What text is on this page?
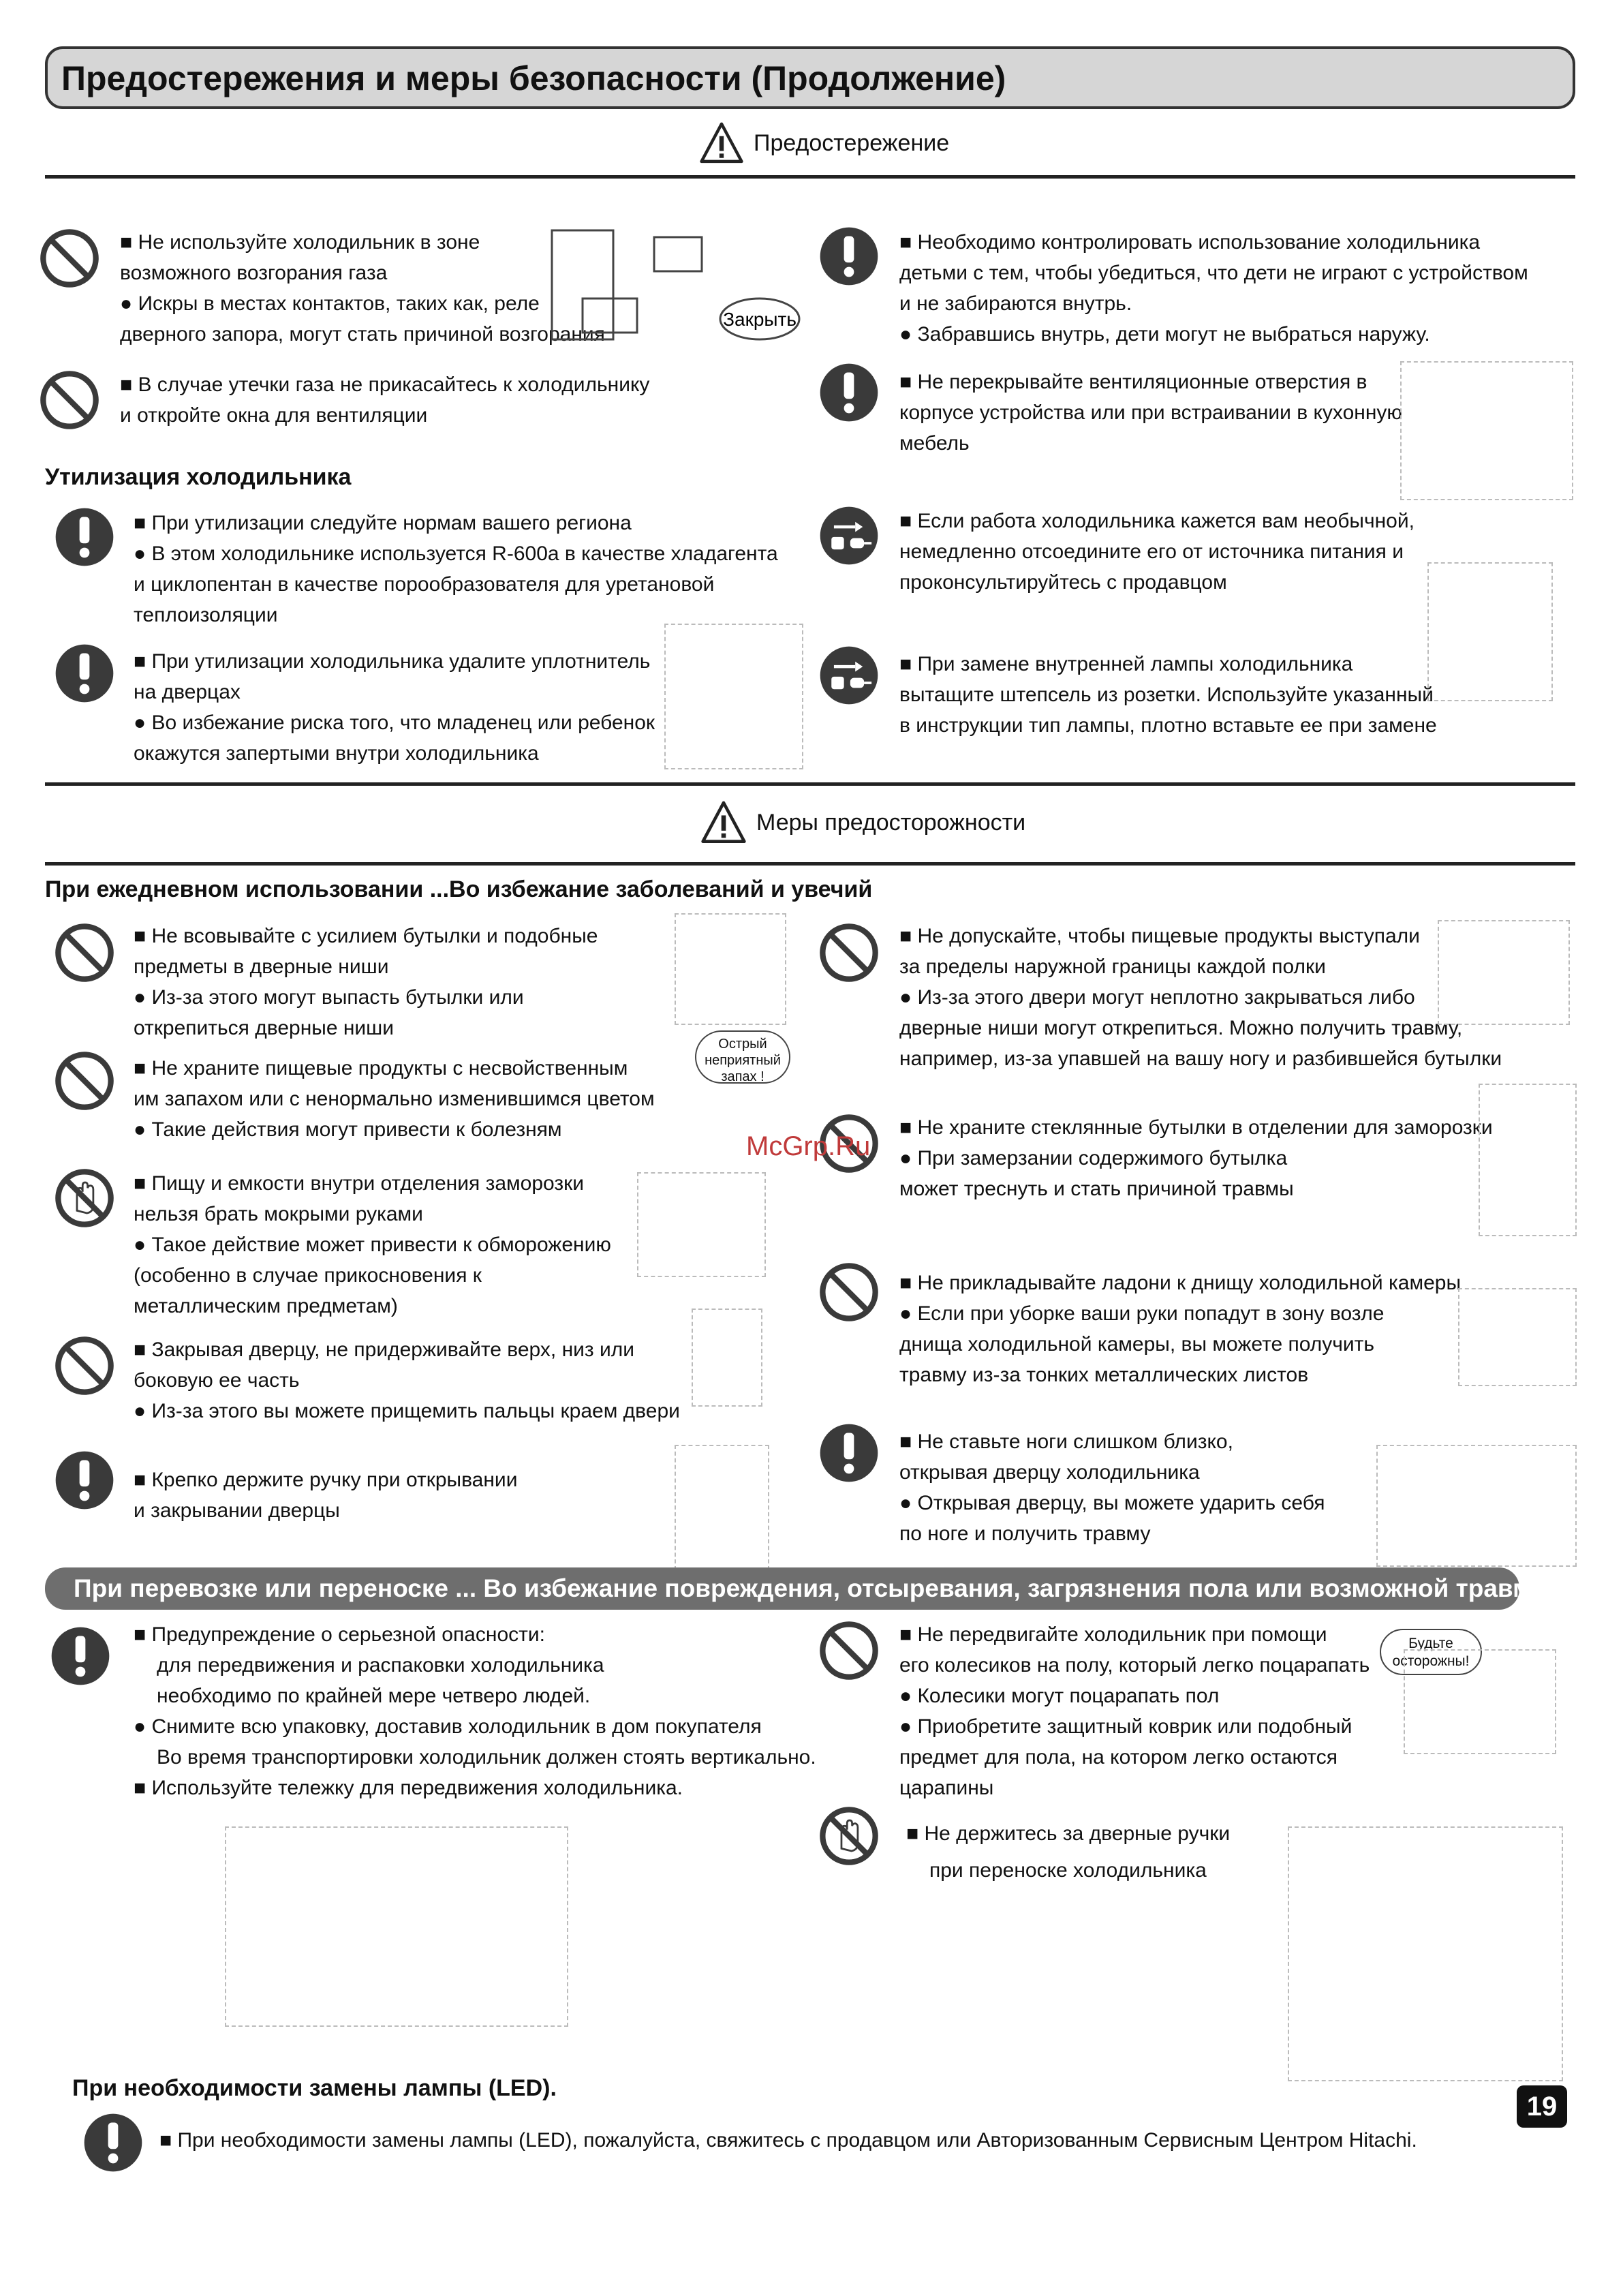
Предостережения и меры безопасности (Продолжение)
Предостережение
■ Не используйте холодильник в зоне
возможного возгорания газа
● Искры в местах контактов, таких как, реле
дверного запора, могут стать причиной возгорания
Закрыть
■ В случае утечки газа не прикасайтесь к холодильнику
и откройте окна для вентиляции
Утилизация холодильника
■ При утилизации следуйте нормам вашего региона
● В этом холодильнике используется R-600a в качестве хладагента
и циклопентан в качестве порообразователя для уретановой
теплоизоляции
■ При утилизации холодильника удалите уплотнитель
на дверцах
● Во избежание риска того, что младенец или ребенок
окажутся запертыми внутри холодильника
■ Необходимо контролировать использование холодильника
детьми с тем, чтобы убедиться, что дети не играют с устройством
и не забираются внутрь.
● Забравшись внутрь, дети могут не выбраться наружу.
■ Не перекрывайте вентиляционные отверстия в
корпусе устройства или при встраивании в кухонную
мебель
■ Если работа холодильника кажется вам необычной,
немедленно отсоедините его от источника питания и
проконсультируйтесь с продавцом
■ При замене внутренней лампы холодильника
вытащите штепсель из розетки. Используйте указанный
в инструкции тип лампы, плотно вставьте ее при замене
Меры предосторожности
При ежедневном использовании ...Во избежание заболеваний и увечий
■ Не всовывайте с усилием бутылки и подобные
предметы в дверные ниши
● Из-за этого могут выпасть бутылки или
открепиться дверные ниши
■ Не храните пищевые продукты с несвойственным
им запахом или с ненормально изменившимся цветом
● Такие действия могут привести к болезням
Острый
неприятный
запах !
■ Пищу и емкости внутри отделения заморозки
нельзя брать мокрыми руками
● Такое действие может привести к обморожению
(особенно в случае прикосновения к
металлическим предметам)
■ Закрывая дверцу, не придерживайте верх, низ или
боковую ее часть
● Из-за этого вы можете прищемить пальцы краем двери
■ Крепко держите ручку при открывании
и закрывании дверцы
■ Не допускайте, чтобы пищевые продукты выступали
за пределы наружной границы каждой полки
● Из-за этого двери могут неплотно закрываться либо
дверные ниши могут открепиться. Можно получить травму,
например, из-за упавшей на вашу ногу и разбившейся бутылки
■ Не храните стеклянные бутылки в отделении для заморозки
● При замерзании содержимого бутылка
может треснуть и стать причиной травмы
McGrp.Ru
■ Не прикладывайте ладони к днищу холодильной камеры
● Если при уборке ваши руки попадут в зону возле
днища холодильной камеры, вы можете получить
травму из-за тонких металлических листов
■ Не ставьте ноги слишком близко,
открывая дверцу холодильника
● Открывая дверцу, вы можете ударить себя
по ноге и получить травму
При перевозке или переноске ... Во избежание повреждения, отсыревания, загрязнения пола или возможной травмы
■ Предупреждение о серьезной опасности:
для передвижения и распаковки холодильника
необходимо по крайней мере четверо людей.
● Снимите всю упаковку, доставив холодильник в дом покупателя
Во время транспортировки холодильник должен стоять вертикально.
■ Используйте тележку для передвижения холодильника.
■ Не передвигайте холодильник при помощи
его колесиков на полу, который легко поцарапать
● Колесики могут поцарапать пол
● Приобретите защитный коврик или подобный
предмет для пола, на котором легко остаются
царапины
Будьте
осторожны!
■ Не держитесь за дверные ручки
при переноске холодильника
При необходимости замены лампы (LED).
■ При необходимости замены лампы (LED), пожалуйста, свяжитесь с продавцом или Авторизованным Сервисным Центром Hitachi.
19
